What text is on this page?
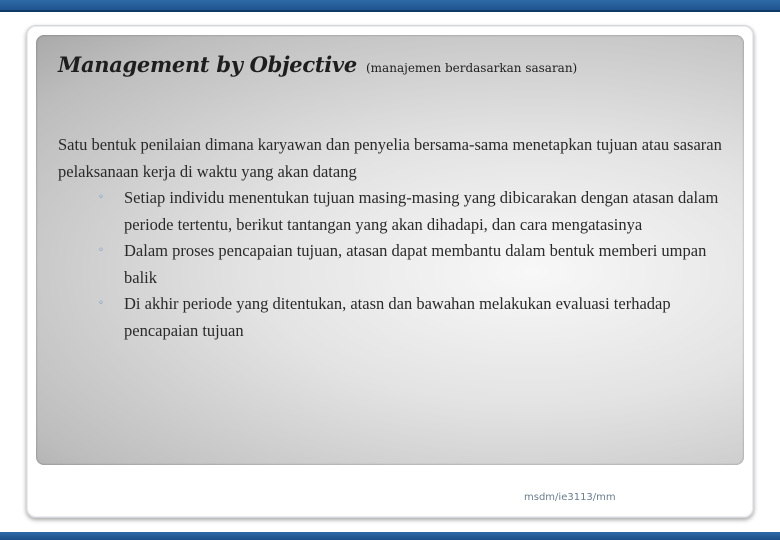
Management by Objective (manajemen berdasarkan sasaran)

Satu bentuk penilaian dimana karyawan dan penyelia bersama-sama menetapkan tujuan atau sasaran pelaksanaan kerja di waktu yang akan datang

◦ Setiap individu menentukan tujuan masing-masing yang dibicarakan dengan atasan dalam periode tertentu, berikut tantangan yang akan dihadapi, dan cara mengatasinya
◦ Dalam proses pencapaian tujuan, atasan dapat membantu dalam bentuk memberi umpan balik
◦ Di akhir periode yang ditentukan, atasn dan bawahan melakukan evaluasi terhadap pencapaian tujuan
msdm/ie3113/mm
